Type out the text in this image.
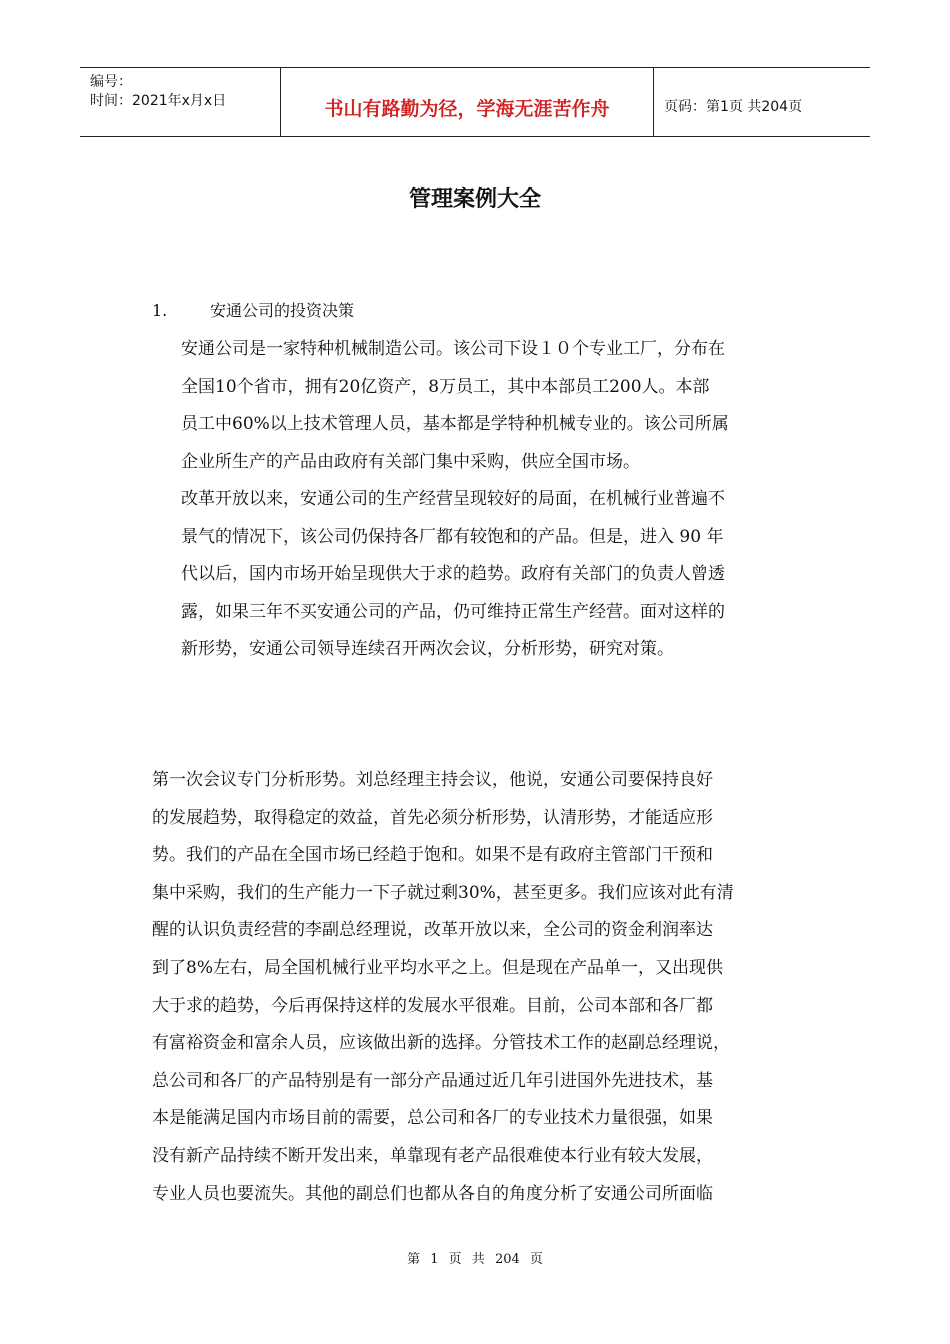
编号：
时间：2021年x月x日	书山有路勤为径，学海无涯苦作舟	页码：第1页 共204页
管理案例大全
1.	安通公司的投资决策
安通公司是一家特种机械制造公司。该公司下设１０个专业工厂，分布在
全国10个省市，拥有20亿资产，8万员工，其中本部员工200人。本部
员工中60%以上技术管理人员，基本都是学特种机械专业的。该公司所属
企业所生产的产品由政府有关部门集中采购，供应全国市场。
改革开放以来，安通公司的生产经营呈现较好的局面，在机械行业普遍不
景气的情况下，该公司仍保持各厂都有较饱和的产品。但是，进入 90 年
代以后，国内市场开始呈现供大于求的趋势。政府有关部门的负责人曾透
露，如果三年不买安通公司的产品，仍可维持正常生产经营。面对这样的
新形势，安通公司领导连续召开两次会议，分析形势，研究对策。
第一次会议专门分析形势。刘总经理主持会议，他说，安通公司要保持良好
的发展趋势，取得稳定的效益，首先必须分析形势，认清形势，才能适应形
势。我们的产品在全国市场已经趋于饱和。如果不是有政府主管部门干预和
集中采购，我们的生产能力一下子就过剩30%，甚至更多。我们应该对此有清
醒的认识负责经营的李副总经理说，改革开放以来，全公司的资金利润率达
到了8%左右，局全国机械行业平均水平之上。但是现在产品单一，又出现供
大于求的趋势，今后再保持这样的发展水平很难。目前，公司本部和各厂都
有富裕资金和富余人员，应该做出新的选择。分管技术工作的赵副总经理说，
总公司和各厂的产品特别是有一部分产品通过近几年引进国外先进技术，基
本是能满足国内市场目前的需要，总公司和各厂的专业技术力量很强，如果
没有新产品持续不断开发出来，单靠现有老产品很难使本行业有较大发展，
专业人员也要流失。其他的副总们也都从各自的角度分析了安通公司所面临
第 1 页 共 204 页
